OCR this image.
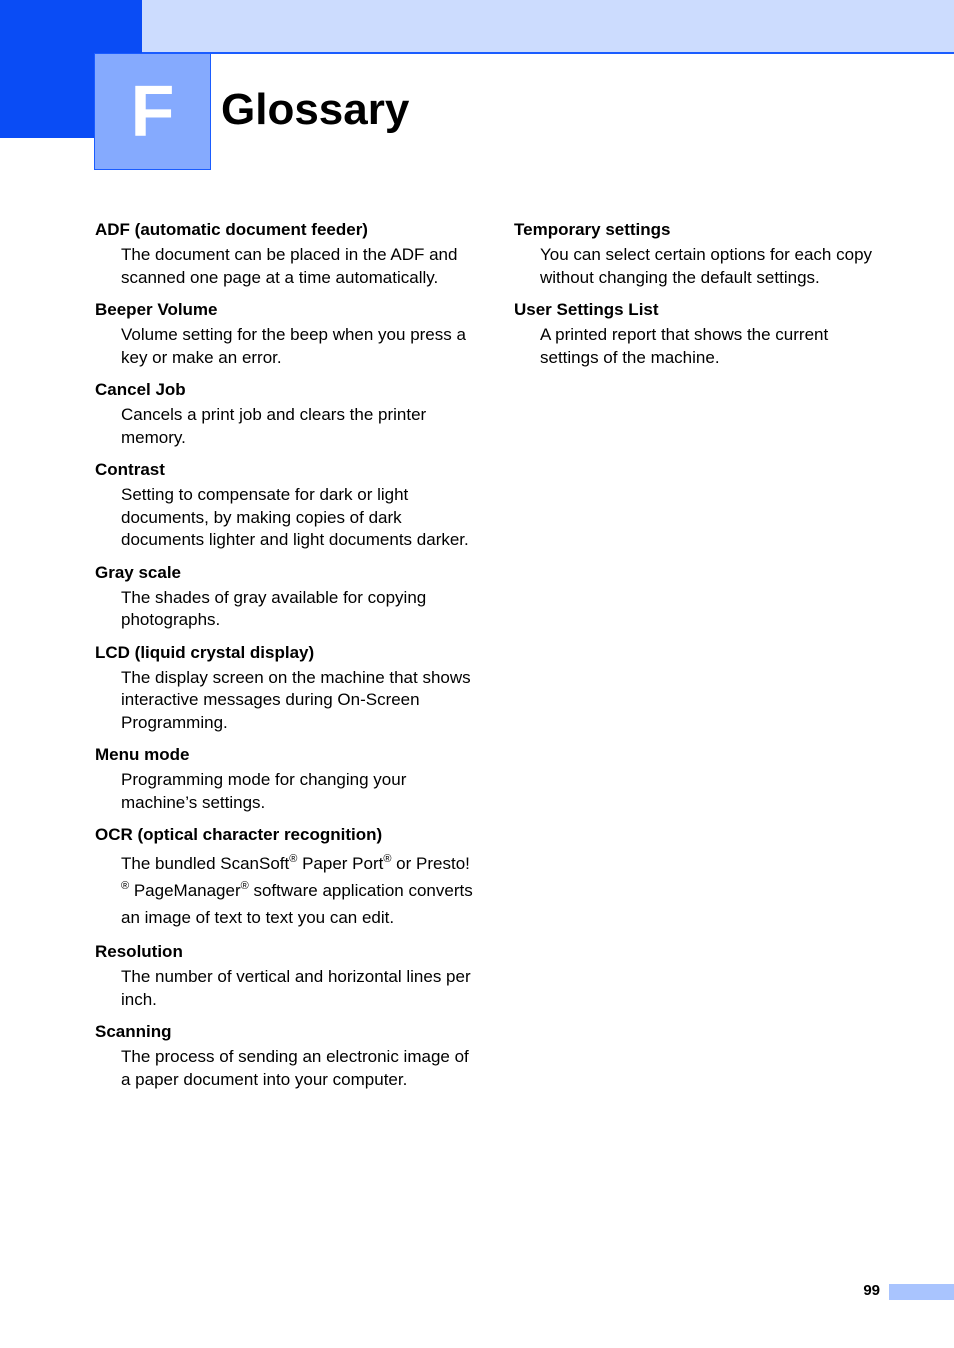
F	Glossary

ADF (automatic document feeder)

The document can be placed in the ADF and scanned one page at a time automatically.

Beeper Volume

Volume setting for the beep when you press a key or make an error.

Cancel Job

Cancels a print job and clears the printer memory.

Contrast

Setting to compensate for dark or light documents, by making copies of dark documents lighter and light documents darker.

Gray scale

The shades of gray available for copying photographs.

LCD (liquid crystal display)

The display screen on the machine that shows interactive messages during On-Screen Programming.

Menu mode

Programming mode for changing your machine’s settings.

OCR (optical character recognition)

The bundled ScanSoft® Paper Port® or Presto!® PageManager® software application converts an image of text to text you can edit.

Resolution

The number of vertical and horizontal lines per inch.

Scanning

The process of sending an electronic image of a paper document into your computer.

Temporary settings

You can select certain options for each copy without changing the default settings.

User Settings List

A printed report that shows the current settings of the machine.

99
